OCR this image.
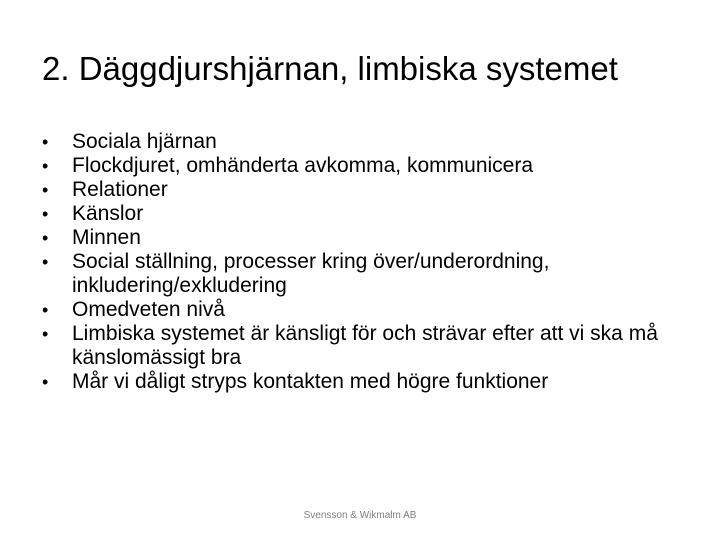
2. Däggdjurshjärnan, limbiska systemet
•	Sociala hjärnan
•	Flockdjuret, omhänderta avkomma, kommunicera
•	Relationer
•	Känslor
•	Minnen
•	Social ställning, processer kring över/underordning, inkludering/exkludering
•	Omedveten nivå
•	Limbiska systemet är känsligt för och strävar efter att vi ska må känslomässigt bra
•	Mår vi dåligt stryps kontakten med högre funktioner
Svensson & Wikmalm AB
